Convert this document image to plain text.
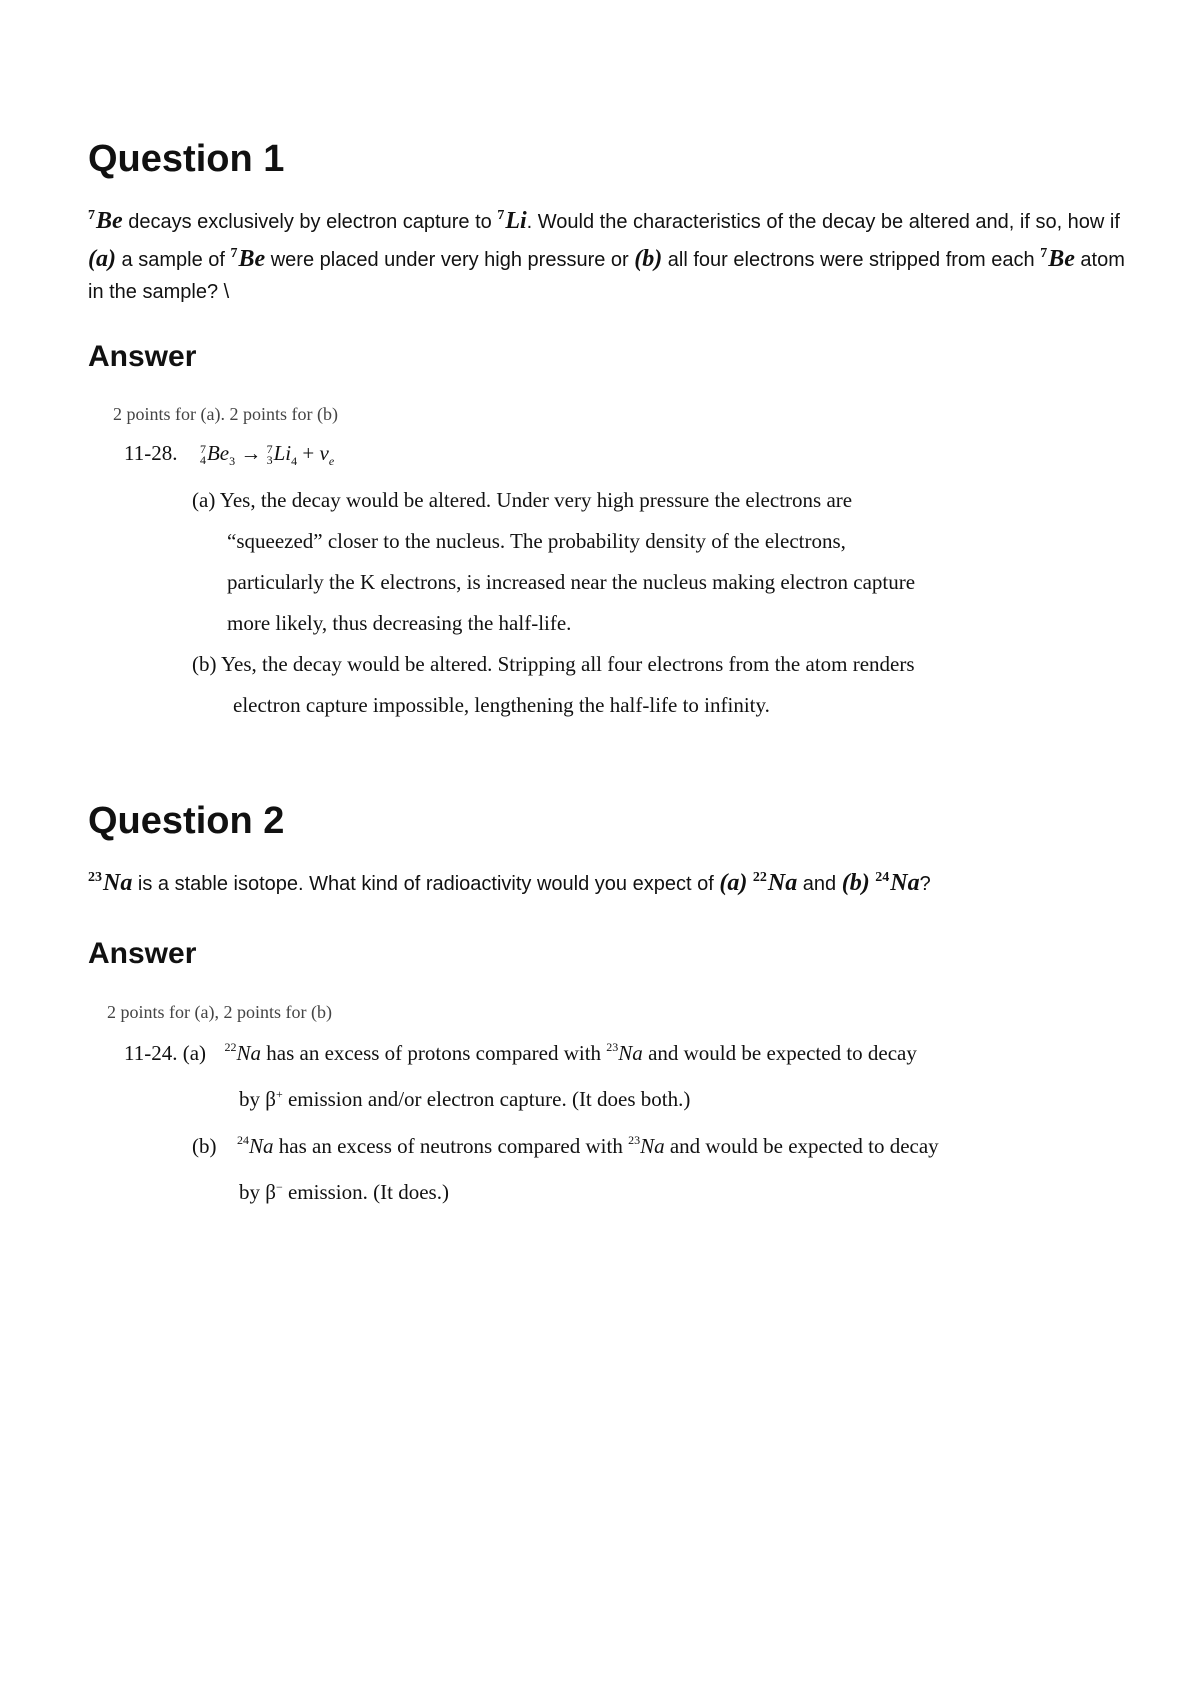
Question 1
$^7$Be decays exclusively by electron capture to $^7$Li. Would the characteristics of the decay be altered and, if so, how if (a) a sample of $^7$Be were placed under very high pressure or (b) all four electrons were stripped from each $^7$Be atom in the sample? \
Answer
2 points for (a). 2 points for (b)
11-28. 7
$4Be_3 \to 7$
$3Li_4 + \nu_e$
(a) Yes, the decay would be altered. Under very high pressure the electrons are
“squeezed” closer to the nucleus. The probability density of the electrons,
particularly the K electrons, is increased near the nucleus making electron capture
more likely, thus decreasing the half-life.
(b) Yes, the decay would be altered. Stripping all four electrons from the atom renders
electron capture impossible, lengthening the half-life to infinity.
Question 2
$^{23}$Na is a stable isotope. What kind of radioactivity would you expect of (a) $^{22}$Na and (b) $^{24}$Na?
Answer
2 points for (a), 2 points for (b)
11-24. (a) $^{22}$Na has an excess of protons compared with $^{23}$Na and would be expected to decay
by β+ emission and/or electron capture. (It does both.)
(b) $^{24}$Na has an excess of neutrons compared with $^{23}$Na and would be expected to decay
by β− emission. (It does.)
